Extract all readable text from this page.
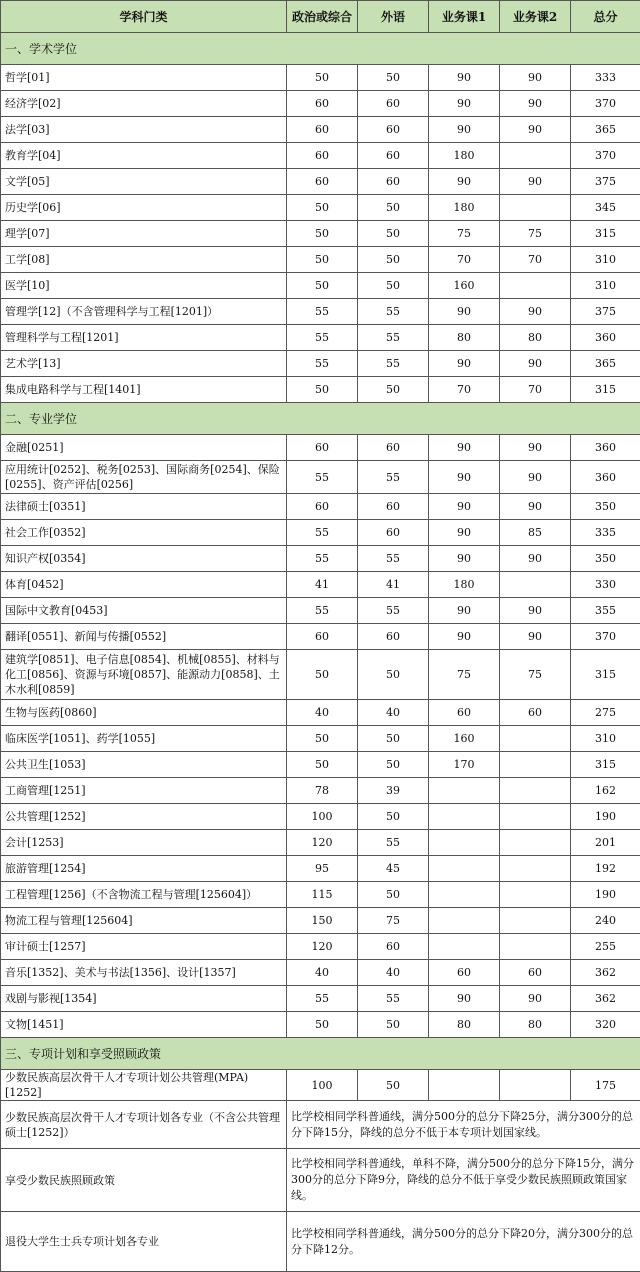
学科门类	政治或综合	外语	业务课1	业务课2	总分
一、学术学位					
哲学[01]	50	50	90	90	333
经济学[02]	60	60	90	90	370
法学[03]	60	60	90	90	365
教育学[04]	60	60	180		370
文学[05]	60	60	90	90	375
历史学[06]	50	50	180		345
理学[07]	50	50	75	75	315
工学[08]	50	50	70	70	310
医学[10]	50	50	160		310
管理学[12]（不含管理科学与工程[1201]）	55	55	90	90	375
管理科学与工程[1201]	55	55	80	80	360
艺术学[13]	55	55	90	90	365
集成电路科学与工程[1401]	50	50	70	70	315
二、专业学位					
金融[0251]	60	60	90	90	360
应用统计[0252]、税务[0253]、国际商务[0254]、保险[0255]、资产评估[0256]	55	55	90	90	360
法律硕士[0351]	60	60	90	90	350
社会工作[0352]	55	60	90	85	335
知识产权[0354]	55	55	90	90	350
体育[0452]	41	41	180		330
国际中文教育[0453]	55	55	90	90	355
翻译[0551]、新闻与传播[0552]	60	60	90	90	370
建筑学[0851]、电子信息[0854]、机械[0855]、材料与化工[0856]、资源与环境[0857]、能源动力[0858]、土木水利[0859]	50	50	75	75	315
生物与医药[0860]	40	40	60	60	275
临床医学[1051]、药学[1055]	50	50	160		310
公共卫生[1053]	50	50	170		315
工商管理[1251]	78	39			162
公共管理[1252]	100	50			190
会计[1253]	120	55			201
旅游管理[1254]	95	45			192
工程管理[1256]（不含物流工程与管理[125604]）	115	50			190
物流工程与管理[125604]	150	75			240
审计硕士[1257]	120	60			255
音乐[1352]、美术与书法[1356]、设计[1357]	40	40	60	60	362
戏剧与影视[1354]	55	55	90	90	362
文物[1451]	50	50	80	80	320
三、专项计划和享受照顾政策					
少数民族高层次骨干人才专项计划公共管理(MPA)[1252]	100	50			175
少数民族高层次骨干人才专项计划各专业（不含公共管理硕士[1252]）	比学校相同学科普通线，满分500分的总分下降25分，满分300分的总分下降15分，降线的总分不低于本专项计划国家线。				
享受少数民族照顾政策	比学校相同学科普通线，单科不降，满分500分的总分下降15分，满分300分的总分下降9分，降线的总分不低于享受少数民族照顾政策国家线。				
退役大学生士兵专项计划各专业	比学校相同学科普通线，满分500分的总分下降20分，满分300分的总分下降12分。				
